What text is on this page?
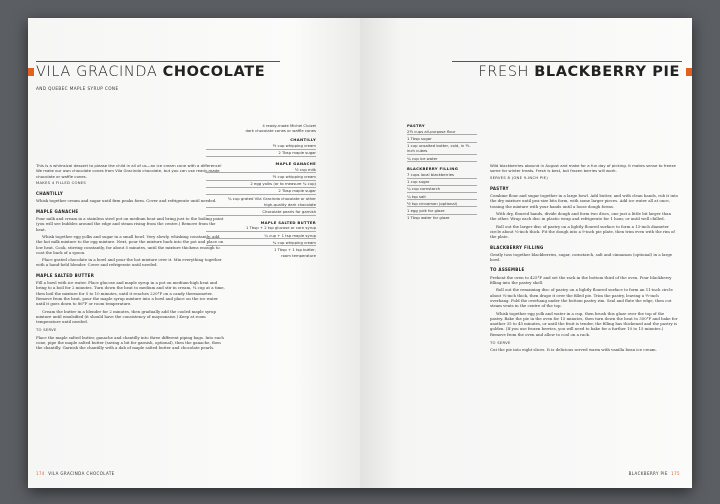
VILA GRACINDA CHOCOLATE
AND QUEBEC MAPLE SYRUP CONE
4 ready-made Michel Cluizel
dark chocolate cones or waffle cones
CHANTILLY
½ cup whipping cream
2 Tbsp maple sugar
MAPLE GANACHE
½ cup milk
½ cup whipping cream
2 egg yolks (or to measure ¼ cup)
2 Tbsp maple sugar
¾ cup grated Vila Gracinda chocolate or other
high-quality dark chocolate
Chocolate pearls for garnish
MAPLE SALTED BUTTER
1 Tbsp + 2 tsp glucose or corn syrup
¼ cup + 1 tsp maple syrup
¾ cup whipping cream
1 Tbsp + 1 tsp butter,
room temperature

This is a whimsical dessert to please the child in all of us—an ice cream cone with a difference! We make our own chocolate cones from Vila Gracinda chocolate, but you can use ready-made chocolate or waffle cones.

MAKES 4 FILLED CONES
CHANTILLY

Whisk together cream and sugar until firm peaks form. Cover and refrigerate until needed.

MAPLE GANACHE

Pour milk and cream in a stainless steel pot on medium heat and bring just to the boiling point (you will see bubbles around the edge and steam rising from the centre.) Remove from the heat.

Whisk together egg yolks and sugar in a small bowl. Very slowly, whisking constantly, add the hot milk mixture to the egg mixture. Next, pour the mixture back into the pot and place on low heat. Cook, stirring constantly, for about 5 minutes, until the mixture thickens enough to coat the back of a spoon.

Place grated chocolate in a bowl and pour the hot mixture over it. Mix everything together with a hand-held blender. Cover and refrigerate until needed.

MAPLE SALTED BUTTER

Fill a bowl with ice water. Place glucose and maple syrup in a pot on medium-high heat and bring to a boil for 2 minutes. Turn down the heat to medium and stir in cream, ¼ cup at a time, then boil the mixture for 5 to 10 minutes, until it reaches 220°F on a candy thermometer. Remove from the heat, pour the maple syrup mixture into a bowl and place on the ice water until it goes down to 86°F or room temperature.

Cream the butter in a blender for 2 minutes, then gradually add the cooled maple syrup mixture until emulsified (it should have the consistency of mayonnaise.) Keep at room temperature until needed.

TO SERVE

Place the maple salted butter, ganache and chantilly into three different piping bags. Into each cone, pipe the maple salted butter (saving a bit for garnish, optional), then the ganache, then the chantilly. Garnish the chantilly with a dab of maple salted butter and chocolate pearls.

174 VILA GRACINDA CHOCOLATE
FRESH BLACKBERRY PIE
PASTRY
2½ cups all-purpose flour
1 Tbsp sugar
1 cup unsalted butter, cold, in ½-inch cubes
¾ cup ice water
BLACKBERRY FILLING
7 cups local blackberries
1 cup sugar
¼ cup cornstarch
¼ tsp salt
½ tsp cinnamon (optional)
1 egg yolk for glaze
1 Tbsp water for glaze

Wild blackberries abound in August and make for a fun day of picking. It makes sense to freeze some for winter treats. Fresh is best, but frozen berries will work.

SERVES 8 (ONE 9-INCH PIE)
PASTRY

Combine flour and sugar together in a large bowl. Add butter, and with clean hands, rub it into the dry mixture until pea-size bits form, with some larger pieces. Add ice water all at once, tossing the mixture with your hands until a loose dough forms.

With dry, floured hands, divide dough and form two discs, one just a little bit larger than the other. Wrap each disc in plastic wrap and refrigerate for 1 hour, or until well chilled.

Roll out the larger disc of pastry on a lightly floured surface to form a 13-inch diameter circle about ⅛-inch thick. Fit the dough into a 9-inch pie plate, then trim even with the rim of the plate.

BLACKBERRY FILLING

Gently toss together blackberries, sugar, cornstarch, salt and cinnamon (optional) in a large bowl.

TO ASSEMBLE

Preheat the oven to 425°F and set the rack in the bottom third of the oven. Pour blackberry filling into the pastry shell.

Roll out the remaining disc of pastry on a lightly floured surface to form an 11-inch circle about ⅛-inch thick, then drape it over the filled pie. Trim the pastry, leaving a ½-inch overhang. Fold the overhang under the bottom pastry rim. Seal and flute the edge, then cut steam vents in the centre of the top.

Whisk together egg yolk and water in a cup, then brush this glaze over the top of the pastry. Bake the pie in the oven for 15 minutes, then turn down the heat to 350°F and bake for another 35 to 45 minutes, or until the fruit is tender, the filling has thickened and the pastry is golden. (If you use frozen berries, you will need to bake for a further 10 to 15 minutes.) Remove from the oven and allow to cool on a rack.

TO SERVE

Cut the pie into eight slices. It is delicious served warm with vanilla bean ice cream.

BLACKBERRY PIE 175
